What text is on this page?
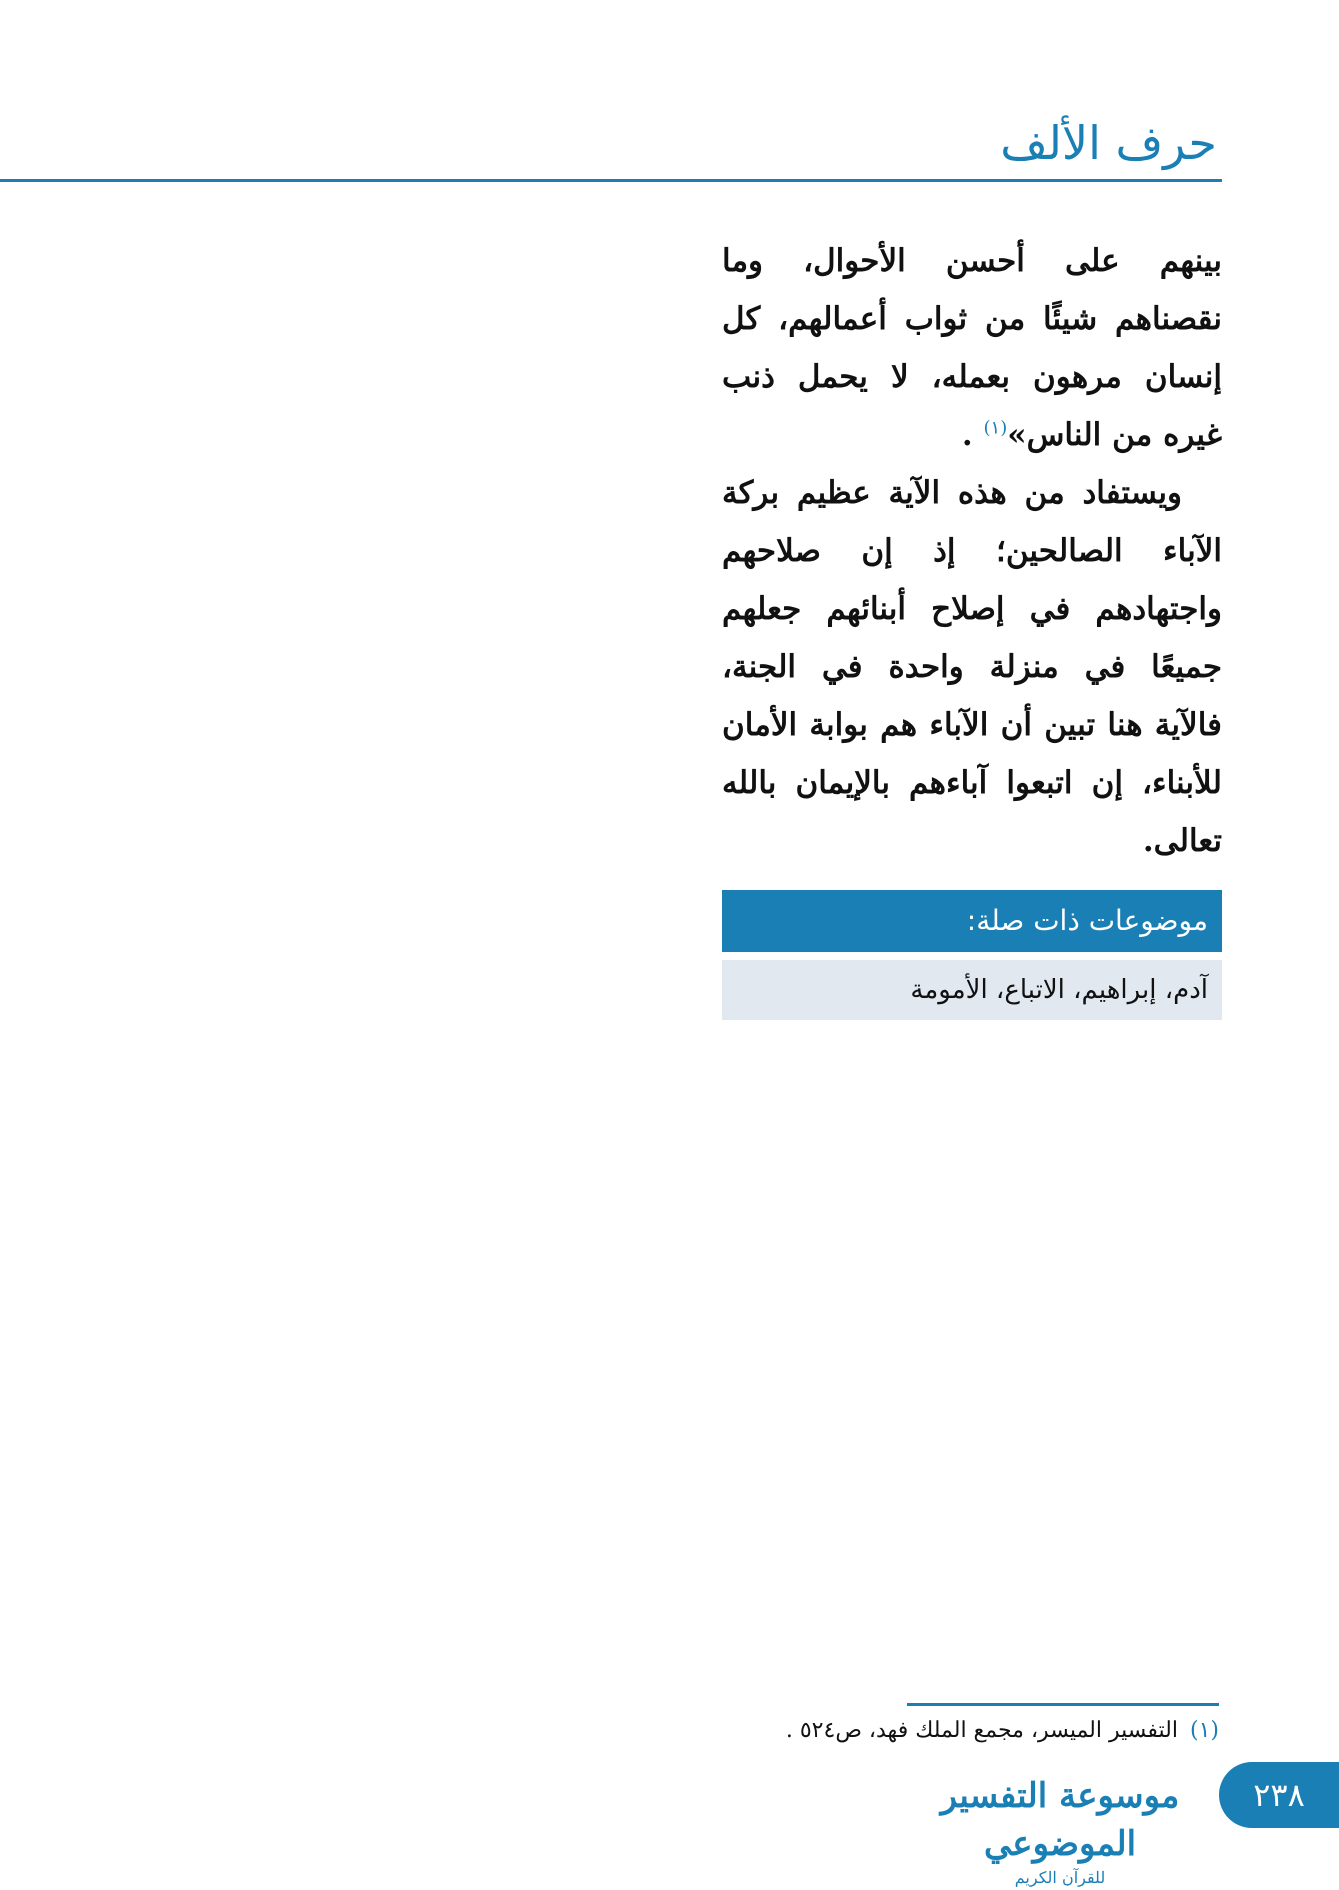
حرف الألف

بينهم على أحسن الأحوال، وما نقصناهم شيئًا من ثواب أعمالهم، كل إنسان مرهون بعمله، لا يحمل ذنب غيره من الناس»$^{(١)}$ .

ويستفاد من هذه الآية عظيم بركة الآباء الصالحين؛ إذ إن صلاحهم واجتهادهم في إصلاح أبنائهم جعلهم جميعًا في منزلة واحدة في الجنة، فالآية هنا تبين أن الآباء هم بوابة الأمان للأبناء، إن اتبعوا آباءهم بالإيمان بالله تعالى.

موضوعات ذات صلة:
آدم، إبراهيم، الاتباع، الأمومة
(١)التفسير الميسر، مجمع الملك فهد، ص٥٢٤ .
٢٣٨
موسوعة التفسير الموضوعي
للقرآن الكريم
